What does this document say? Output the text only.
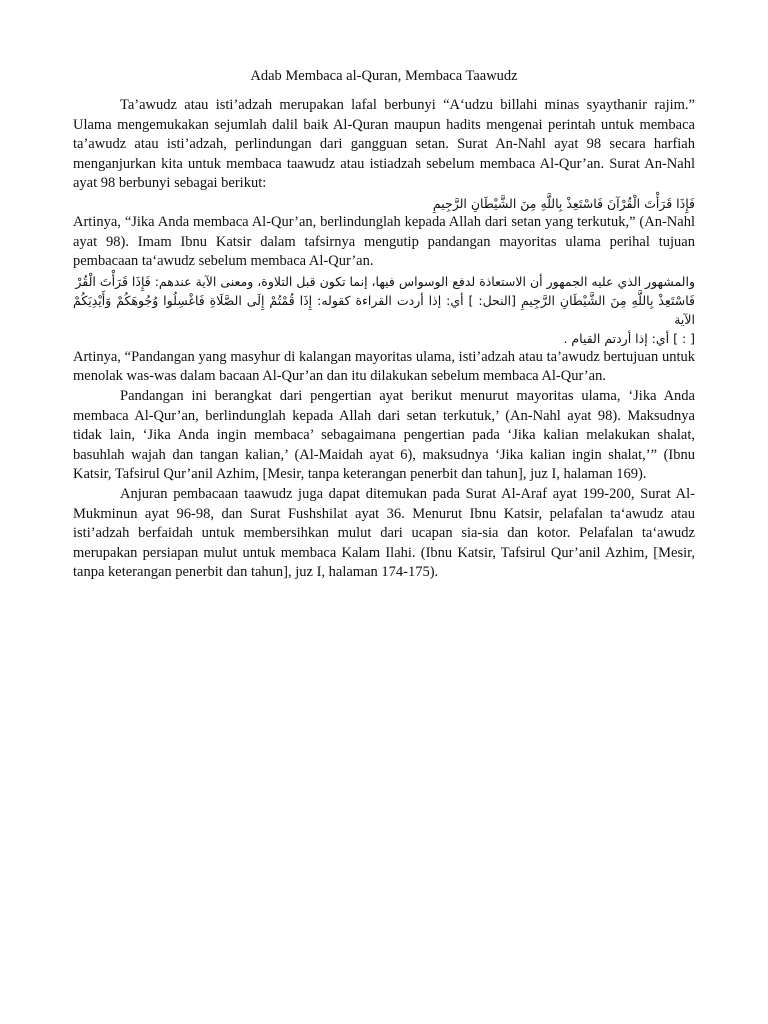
Adab Membaca al-Quran, Membaca Taawudz

Ta’awudz atau isti’adzah merupakan lafal berbunyi “A‘udzu billahi minas syaythanir rajim.” Ulama mengemukakan sejumlah dalil baik Al-Quran maupun hadits mengenai perintah untuk membaca ta’awudz atau isti’adzah, perlindungan dari gangguan setan. Surat An-Nahl ayat 98 secara harfiah menganjurkan kita untuk membaca taawudz atau istiadzah sebelum membaca Al-Qur’an. Surat An-Nahl ayat 98 berbunyi sebagai berikut:

فَإِذَا قَرَأْتَ الْقُرْآنَ فَاسْتَعِذْ بِاللَّهِ مِنَ الشَّيْطَانِ الرَّجِيمِ

Artinya, “Jika Anda membaca Al-Qur’an, berlindunglah kepada Allah dari setan yang terkutuk,” (An-Nahl ayat 98). Imam Ibnu Katsir dalam tafsirnya mengutip pandangan mayoritas ulama perihal tujuan pembacaan ta‘awudz sebelum membaca Al-Qur’an.

والمشهور الذي عليه الجمهور أن الاستعاذة لدفع الوسواس فيها، إنما تكون قبل التلاوة، ومعنى الآية عندهم: فَإِذَا قَرَأْتَ الْقُرْ

فَاسْتَعِذْ بِاللَّهِ مِنَ الشَّيْطَانِ الرَّجِيمِ [النحل: ] أي: إذا أردت القراءة كقوله: إِذَا قُمْتُمْ إِلَى الصَّلَاةِ فَاغْسِلُوا وُجُوهَكُمْ وَأَيْدِيَكُمْ الآية

[ : ] أي: إذا أردتم القيام .

Artinya, “Pandangan yang masyhur di kalangan mayoritas ulama, isti’adzah atau ta’awudz bertujuan untuk menolak was-was dalam bacaan Al-Qur’an dan itu dilakukan sebelum membaca Al-Qur’an.

Pandangan ini berangkat dari pengertian ayat berikut menurut mayoritas ulama, ‘Jika Anda membaca Al-Qur’an, berlindunglah kepada Allah dari setan terkutuk,’ (An-Nahl ayat 98). Maksudnya tidak lain, ‘Jika Anda ingin membaca’ sebagaimana pengertian pada ‘Jika kalian melakukan shalat, basuhlah wajah dan tangan kalian,’ (Al-Maidah ayat 6), maksudnya ‘Jika kalian ingin shalat,’” (Ibnu Katsir, Tafsirul Qur’anil Azhim, [Mesir, tanpa keterangan penerbit dan tahun], juz I, halaman 169).

Anjuran pembacaan taawudz juga dapat ditemukan pada Surat Al-Araf ayat 199-200, Surat Al-Mukminun ayat 96-98, dan Surat Fushshilat ayat 36. Menurut Ibnu Katsir, pelafalan ta‘awudz atau isti’adzah berfaidah untuk membersihkan mulut dari ucapan sia-sia dan kotor. Pelafalan ta‘awudz merupakan persiapan mulut untuk membaca Kalam Ilahi. (Ibnu Katsir, Tafsirul Qur’anil Azhim, [Mesir, tanpa keterangan penerbit dan tahun], juz I, halaman 174-175).
